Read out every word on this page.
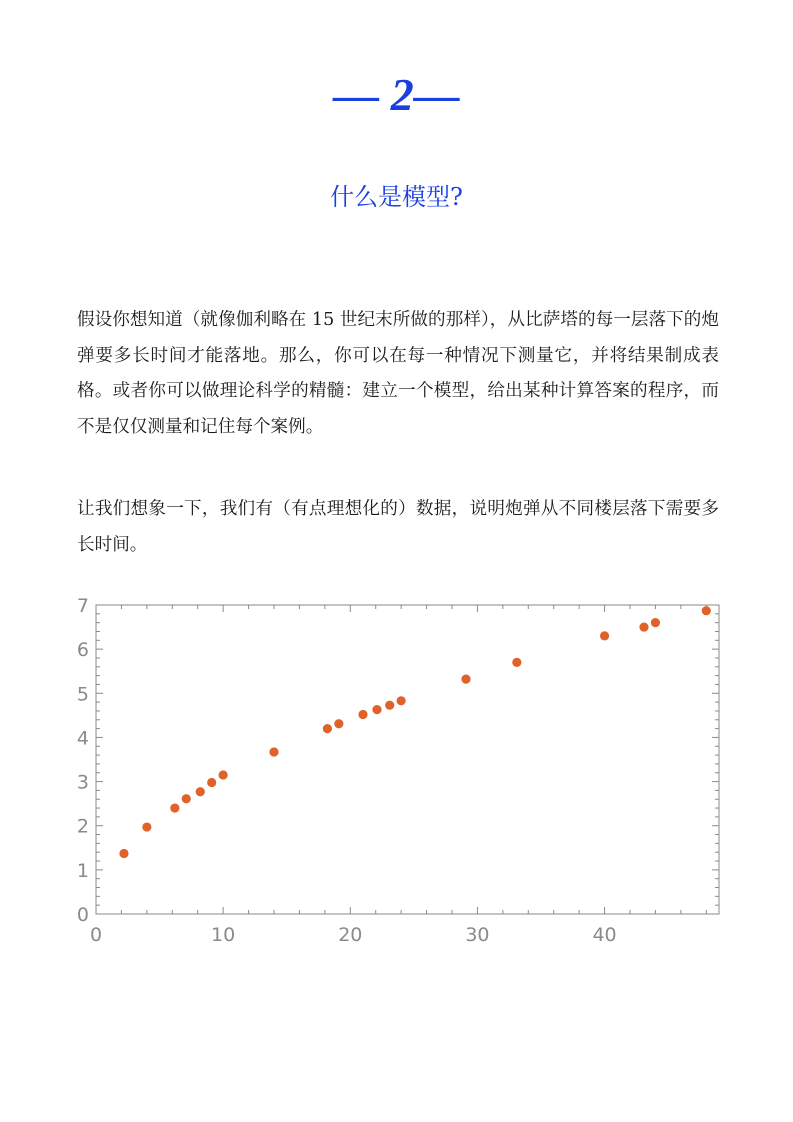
— 2—
什么是模型?

假设你想知道（就像伽利略在 15 世纪末所做的那样），从比萨塔的每一层落下的炮弹要多长时间才能落地。那么，你可以在每一种情况下测量它，并将结果制成表格。或者你可以做理论科学的精髓：建立一个模型，给出某种计算答案的程序，而不是仅仅测量和记住每个案例。

让我们想象一下，我们有（有点理想化的）数据，说明炮弹从不同楼层落下需要多长时间。

0	10	20	30	40
0
1
2
3
4
5
6
7
